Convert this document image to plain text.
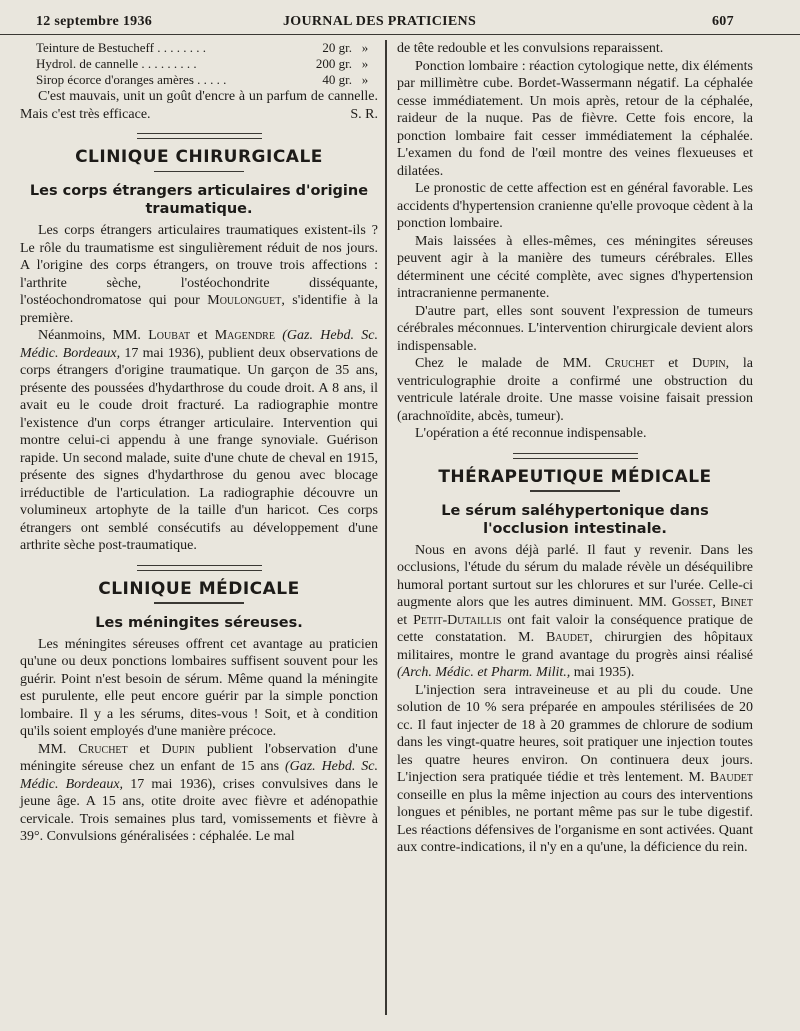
12 septembre 1936	JOURNAL DES PRATICIENS	607
Teinture de Bestucheff . . . . . . . .	20 gr. »
Hydrol. de cannelle . . . . . . . . .	200 gr. »
Sirop écorce d'oranges amères . . . . .	40 gr. »

C'est mauvais, unit un goût d'encre à un parfum de cannelle. Mais c'est très efficace.	S. R.

CLINIQUE CHIRURGICALE
Les corps étrangers articulaires d'origine traumatique.

Les corps étrangers articulaires traumatiques existent-ils ? Le rôle du traumatisme est singulièrement réduit de nos jours. A l'origine des corps étrangers, on trouve trois affections : l'arthrite sèche, l'ostéochondrite disséquante, l'ostéochondromatose qui pour Moulonguet, s'identifie à la première.

Néanmoins, MM. Loubat et Magendre (Gaz. Hebd. Sc. Médic. Bordeaux, 17 mai 1936), publient deux observations de corps étrangers d'origine traumatique. Un garçon de 35 ans, présente des poussées d'hydarthrose du coude droit. A 8 ans, il avait eu le coude droit fracturé. La radiographie montre l'existence d'un corps étranger articulaire. Intervention qui montre celui-ci appendu à une frange synoviale. Guérison rapide. Un second malade, suite d'une chute de cheval en 1915, présente des signes d'hydarthrose du genou avec blocage irréductible de l'articulation. La radiographie découvre un volumineux artophyte de la taille d'un haricot. Ces corps étrangers ont semblé consécutifs au développement d'une arthrite sèche post-traumatique.

CLINIQUE MÉDICALE
Les méningites séreuses.

Les méningites séreuses offrent cet avantage au praticien qu'une ou deux ponctions lombaires suffisent souvent pour les guérir. Point n'est besoin de sérum. Même quand la méningite est purulente, elle peut encore guérir par la simple ponction lombaire. Il y a les sérums, dites-vous ! Soit, et à condition qu'ils soient employés d'une manière précoce.

MM. Cruchet et Dupin publient l'observation d'une méningite séreuse chez un enfant de 15 ans (Gaz. Hebd. Sc. Médic. Bordeaux, 17 mai 1936), crises convulsives dans le jeune âge. A 15 ans, otite droite avec fièvre et adénopathie cervicale. Trois semaines plus tard, vomissements et fièvre à 39°. Convulsions généralisées : céphalée. Le mal

de tête redouble et les convulsions reparaissent.

Ponction lombaire : réaction cytologique nette, dix éléments par millimètre cube. Bordet-Wassermann négatif. La céphalée cesse immédiatement. Un mois après, retour de la céphalée, raideur de la nuque. Pas de fièvre. Cette fois encore, la ponction lombaire fait cesser immédiatement la céphalée. L'examen du fond de l'œil montre des veines flexueuses et dilatées.

Le pronostic de cette affection est en général favorable. Les accidents d'hypertension cranienne qu'elle provoque cèdent à la ponction lombaire.

Mais laissées à elles-mêmes, ces méningites séreuses peuvent agir à la manière des tumeurs cérébrales. Elles déterminent une cécité complète, avec signes d'hypertension intracranienne permanente.

D'autre part, elles sont souvent l'expression de tumeurs cérébrales méconnues. L'intervention chirurgicale devient alors indispensable.

Chez le malade de MM. Cruchet et Dupin, la ventriculographie droite a confirmé une obstruction du ventricule latérale droite. Une masse voisine faisait pression (arachnoïdite, abcès, tumeur).

L'opération a été reconnue indispensable.

THÉRAPEUTIQUE MÉDICALE
Le sérum saléhypertonique dans l'occlusion intestinale.

Nous en avons déjà parlé. Il faut y revenir. Dans les occlusions, l'étude du sérum du malade révèle un déséquilibre humoral portant surtout sur les chlorures et sur l'urée. Celle-ci augmente alors que les autres diminuent. MM. Gosset, Binet et Petit-Dutaillis ont fait valoir la conséquence pratique de cette constatation. M. Baudet, chirurgien des hôpitaux militaires, montre le grand avantage du progrès ainsi réalisé (Arch. Médic. et Pharm. Milit., mai 1935).

L'injection sera intraveineuse et au pli du coude. Une solution de 10 % sera préparée en ampoules stérilisées de 20 cc. Il faut injecter de 18 à 20 grammes de chlorure de sodium dans les vingt-quatre heures, soit pratiquer une injection toutes les quatre heures environ. On continuera deux jours. L'injection sera pratiquée tiédie et très lentement. M. Baudet conseille en plus la même injection au cours des interventions longues et pénibles, ne portant même pas sur le tube digestif. Les réactions défensives de l'organisme en sont activées. Quant aux contre-indications, il n'y en a qu'une, la déficience du rein.
